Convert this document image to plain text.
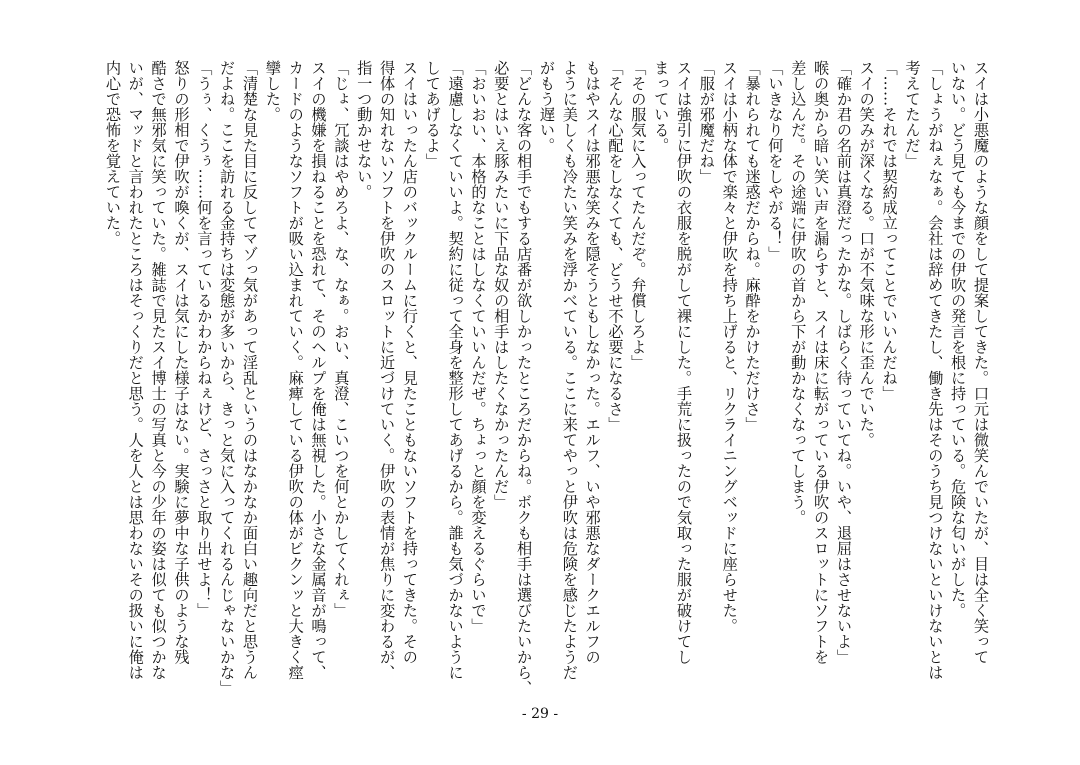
スイは小悪魔のような顔をして提案してきた。口元は微笑んでいたが、目は全く笑って
いない。どう見ても今までの伊吹の発言を根に持っている。危険な匂いがした。
「しょうがねぇなぁ。会社は辞めてきたし、働き先はそのうち見つけないといけないとは
考えてたんだ」
「……それでは契約成立ってことでいいんだね」
スイの笑みが深くなる。口が不気味な形に歪んでいた。
「確か君の名前は真澄だったかな。しばらく待っていてね。いや、退屈はさせないよ」
喉の奥から暗い笑い声を漏らすと、スイは床に転がっている伊吹のスロットにソフトを
差し込んだ。その途端に伊吹の首から下が動かなくなってしまう。
「いきなり何をしやがる！」
「暴れられても迷惑だからね。麻酔をかけただけさ」
スイは小柄な体で楽々と伊吹を持ち上げると、リクライニングベッドに座らせた。
「服が邪魔だね」
スイは強引に伊吹の衣服を脱がして裸にした。手荒に扱ったので気取った服が破けてし
まっている。
「その服気に入ってたんだぞ。弁償しろよ」
「そんな心配をしなくても、どうせ不必要になるさ」
もはやスイは邪悪な笑みを隠そうともしなかった。エルフ、いや邪悪なダークエルフの
ように美しくも冷たい笑みを浮かべている。ここに来てやっと伊吹は危険を感じたようだ
がもう遅い。
「どんな客の相手でもする店番が欲しかったところだからね。ボクも相手は選びたいから、
必要とはいえ豚みたいに下品な奴の相手はしたくなかったんだ」
「おいおい、本格的なことはしなくていいんだぜ。ちょっと顔を変えるぐらいで」
「遠慮しなくていいよ。契約に従って全身を整形してあげるから。誰も気づかないように
してあげるよ」
スイはいったん店のバックルームに行くと、見たこともないソフトを持ってきた。その
得体の知れないソフトを伊吹のスロットに近づけていく。伊吹の表情が焦りに変わるが、
指一つ動かせない。
「じょ、冗談はやめろよ、な、なぁ。おい、真澄、こいつを何とかしてくれぇ」
スイの機嫌を損ねることを恐れて、そのヘルプを俺は無視した。小さな金属音が鳴って、
カードのようなソフトが吸い込まれていく。麻痺している伊吹の体がビクンッと大きく痙
攣した。
「清楚な見た目に反してマゾっ気があって淫乱というのはなかなか面白い趣向だと思うん
だよね。ここを訪れる金持ちは変態が多いから、きっと気に入ってくれるんじゃないかな」
「うぅ、くうぅ……何を言っているかわからねぇけど、さっさと取り出せよ！」
怒りの形相で伊吹が喚くが、スイは気にした様子はない。実験に夢中な子供のような残
酷さで無邪気に笑っていた。雑誌で見たスイ博士の写真と今の少年の姿は似ても似つかな
いが、マッドと言われたところはそっくりだと思う。人を人とは思わないその扱いに俺は
内心で恐怖を覚えていた。
- 29 -
